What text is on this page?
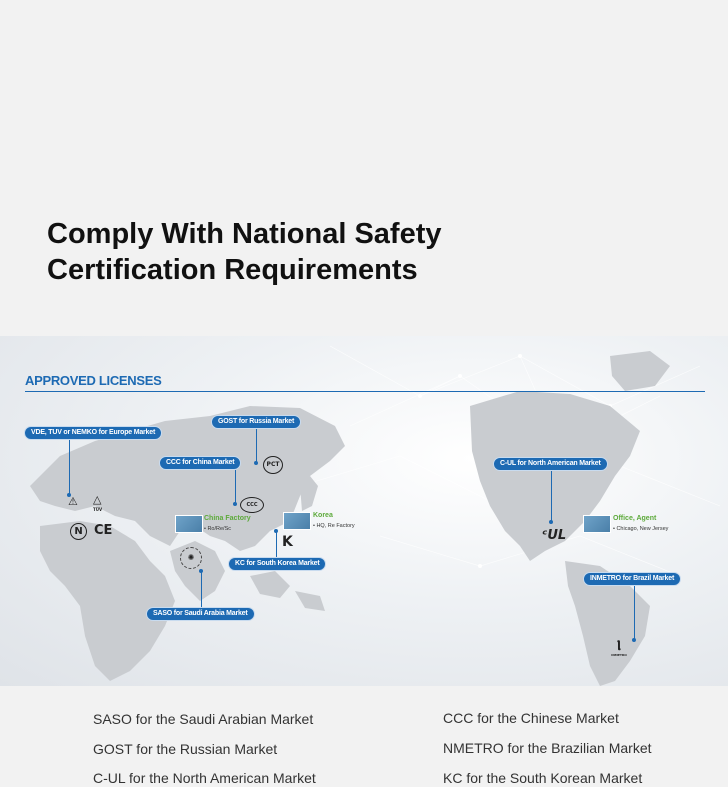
Comply With National Safety
Certification Requirements
APPROVED LICENSES
VDE, TUV or NEMKO for Europe Market
⚠ △
TÜV
N CE
GOST for Russia Market
PCT
CCC for China Market
CCC
China Factory
• Ro/Re/Sc
Korea
• HQ, Re Factory
✺
SASO for Saudi Arabia Market
K
KC for South Korea Market
C-UL for North American Market
ᶜUL
Office, Agent
• Chicago, New Jersey
INMETRO for Brazil Market
Ⲓ
INMETRO
SASO for the Saudi Arabian Market	CCC for the Chinese Market
GOST for the Russian Market	NMETRO for the Brazilian Market
C-UL for the North American Market	KC for the South Korean Market
